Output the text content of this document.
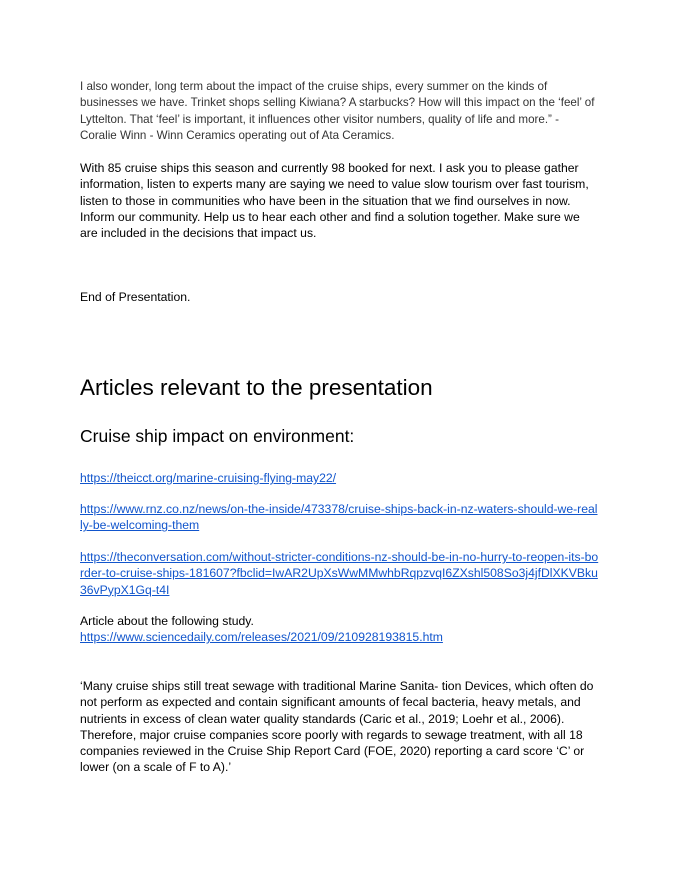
I also wonder, long term about the impact of the cruise ships, every summer on the kinds of
businesses we have. Trinket shops selling Kiwiana? A starbucks? How will this impact on the ‘feel’ of
Lyttelton. That ‘feel’ is important, it influences other visitor numbers, quality of life and more.” -
Coralie Winn - Winn Ceramics operating out of Ata Ceramics.

With 85 cruise ships this season and currently 98 booked for next. I ask you to please gather
information, listen to experts many are saying we need to value slow tourism over fast tourism,
listen to those in communities who have been in the situation that we find ourselves in now.
Inform our community. Help us to hear each other and find a solution together. Make sure we
are included in the decisions that impact us.

End of Presentation.

Articles relevant to the presentation
Cruise ship impact on environment:

https://theicct.org/marine-cruising-flying-may22/

https://www.rnz.co.nz/news/on-the-inside/473378/cruise-ships-back-in-nz-waters-should-we-real
ly-be-welcoming-them

https://theconversation.com/without-stricter-conditions-nz-should-be-in-no-hurry-to-reopen-its-bo
rder-to-cruise-ships-181607?fbclid=IwAR2UpXsWwMMwhbRqpzvqI6ZXshl508So3j4jfDlXKVBku
36vPypX1Gq-t4I

Article about the following study.
https://www.sciencedaily.com/releases/2021/09/210928193815.htm

‘Many cruise ships still treat sewage with traditional Marine Sanita- tion Devices, which often do
not perform as expected and contain significant amounts of fecal bacteria, heavy metals, and
nutrients in excess of clean water quality standards (Caric et al., 2019; Loehr et al., 2006).
Therefore, major cruise companies score poorly with regards to sewage treatment, with all 18
companies reviewed in the Cruise Ship Report Card (FOE, 2020) reporting a card score ‘C’ or
lower (on a scale of F to A).’
